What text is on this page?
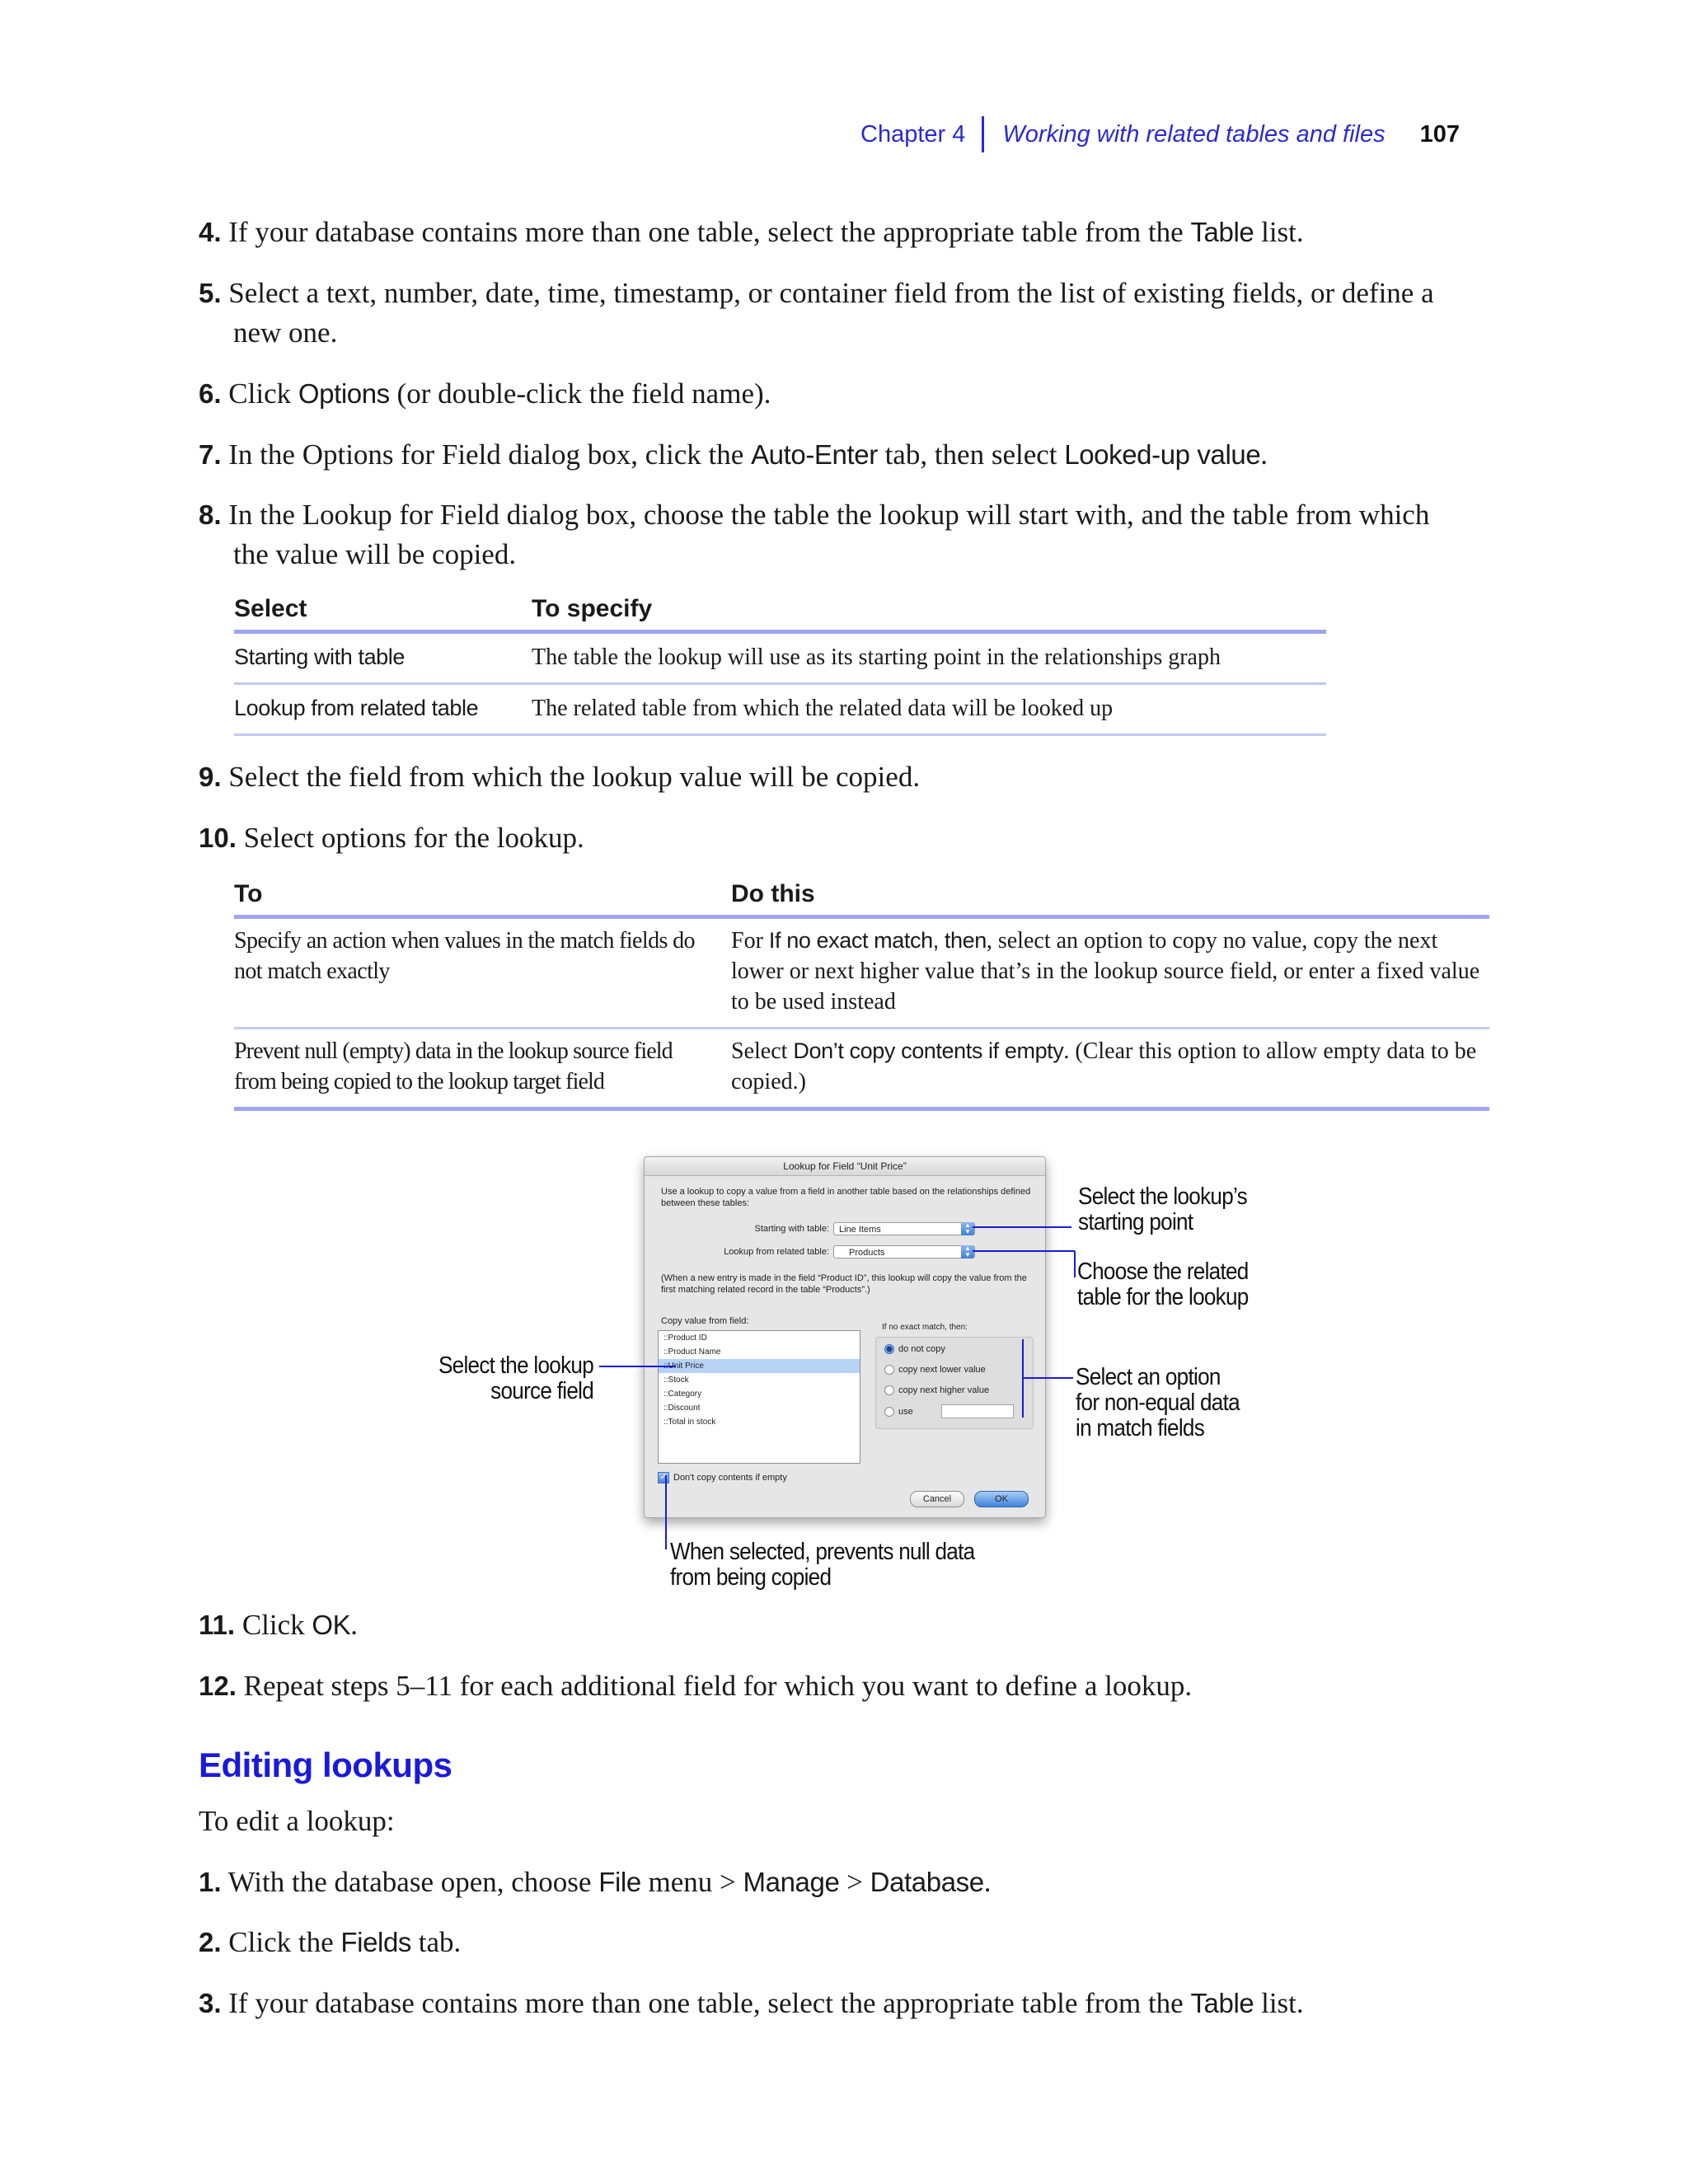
Chapter 4 Working with related tables and files 107
4. If your database contains more than one table, select the appropriate table from the Table list.
5. Select a text, number, date, time, timestamp, or container field from the list of existing fields, or define a
new one.
6. Click Options (or double-click the field name).
7. In the Options for Field dialog box, click the Auto-Enter tab, then select Looked-up value.
8. In the Lookup for Field dialog box, choose the table the lookup will start with, and the table from which
the value will be copied.
Select	To specify
Starting with table	The table the lookup will use as its starting point in the relationships graph
Lookup from related table	The related table from which the related data will be looked up
9. Select the field from which the lookup value will be copied.
10. Select options for the lookup.
To	Do this
Specify an action when values in the match fields do not match exactly	For If no exact match, then, select an option to copy no value, copy the next lower or next higher value that’s in the lookup source field, or enter a fixed value to be used instead
Prevent null (empty) data in the lookup source field from being copied to the lookup target field	Select Don’t copy contents if empty. (Clear this option to allow empty data to be copied.)
Lookup for Field “Unit Price”
Use a lookup to copy a value from a field in another table based on the relationships defined between these tables:
Starting with table:	Line Items	▲
▼
Lookup from related table:	Products	▲
▼
(When a new entry is made in the field “Product ID”, this lookup will copy the value from the first matching related record in the table “Products”.)
Copy value from field:
::Product ID
::Product Name
::Unit Price
::Stock
::Category
::Discount
::Total in stock
If no exact match, then:
do not copy
copy next lower value
copy next higher value
use
✓ Don't copy contents if empty
Cancel	OK
Select the lookup’s
starting point
Choose the related
table for the lookup
Select the lookup
source field
Select an option
for non-equal data
in match fields
When selected, prevents null data
from being copied
11. Click OK.
12. Repeat steps 5–11 for each additional field for which you want to define a lookup.
Editing lookups
To edit a lookup:
1. With the database open, choose File menu > Manage > Database.
2. Click the Fields tab.
3. If your database contains more than one table, select the appropriate table from the Table list.
